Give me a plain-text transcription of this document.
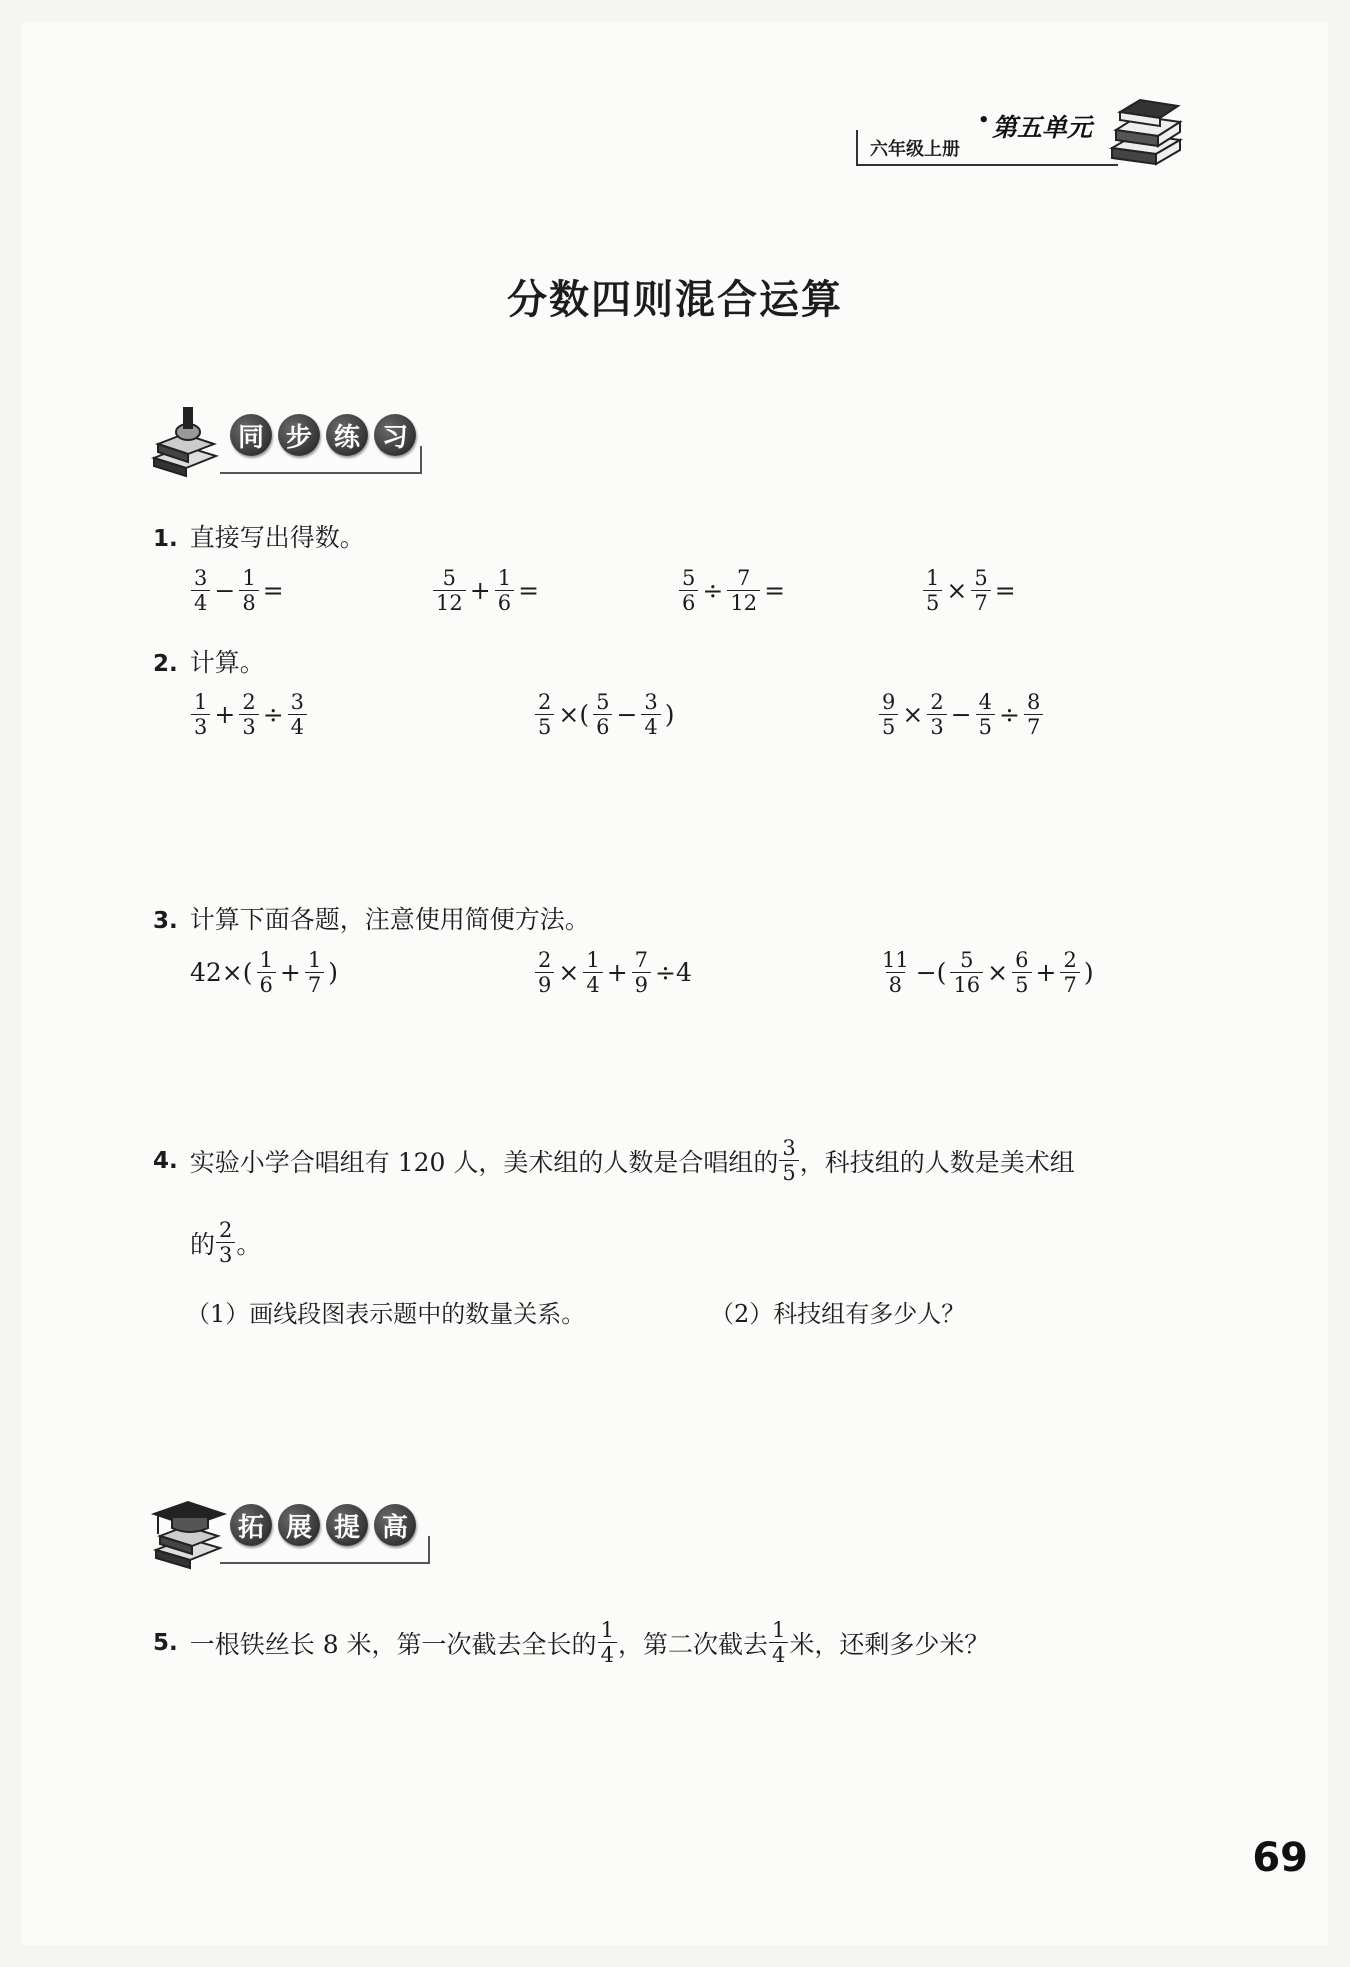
六年级上册
• 第五单元
分数四则混合运算
同 步 练 习
1. 直接写出得数。
$\frac{3}{4} - \frac{1}{8}$ =	$\frac{5}{12} + \frac{1}{6}$ =	$\frac{5}{6} \div \frac{7}{12}$ =	$\frac{1}{5} \times \frac{5}{7}$ =
2. 计算。
$\frac{1}{3} + \frac{2}{3} \div \frac{3}{4}$	$\frac{2}{5}$ ×( $\frac{5}{6} - \frac{3}{4}$ )	$\frac{9}{5} \times \frac{2}{3} - \frac{4}{5} \div \frac{8}{7}$
3. 计算下面各题，注意使用简便方法。
$42\times( \frac{1}{6} + \frac{1}{7}$ )	$\frac{2}{9} \times \frac{1}{4} + \frac{7}{9} \div 4$	$\frac{11}{8}$ −( $\frac{5}{16} \times \frac{6}{5} + \frac{2}{7}$ )
4. 实验小学合唱组有 120 人，美术组的人数是合唱组的 $\frac{3}{5}$ ，科技组的人数是美术组
的 $\frac{2}{3}$ 。
（1）画线段图表示题中的数量关系。	（2）科技组有多少人？
拓 展 提 高
5. 一根铁丝长 8 米，第一次截去全长的 $\frac{1}{4}$ ，第二次截去 $\frac{1}{4}$ 米，还剩多少米？
69
